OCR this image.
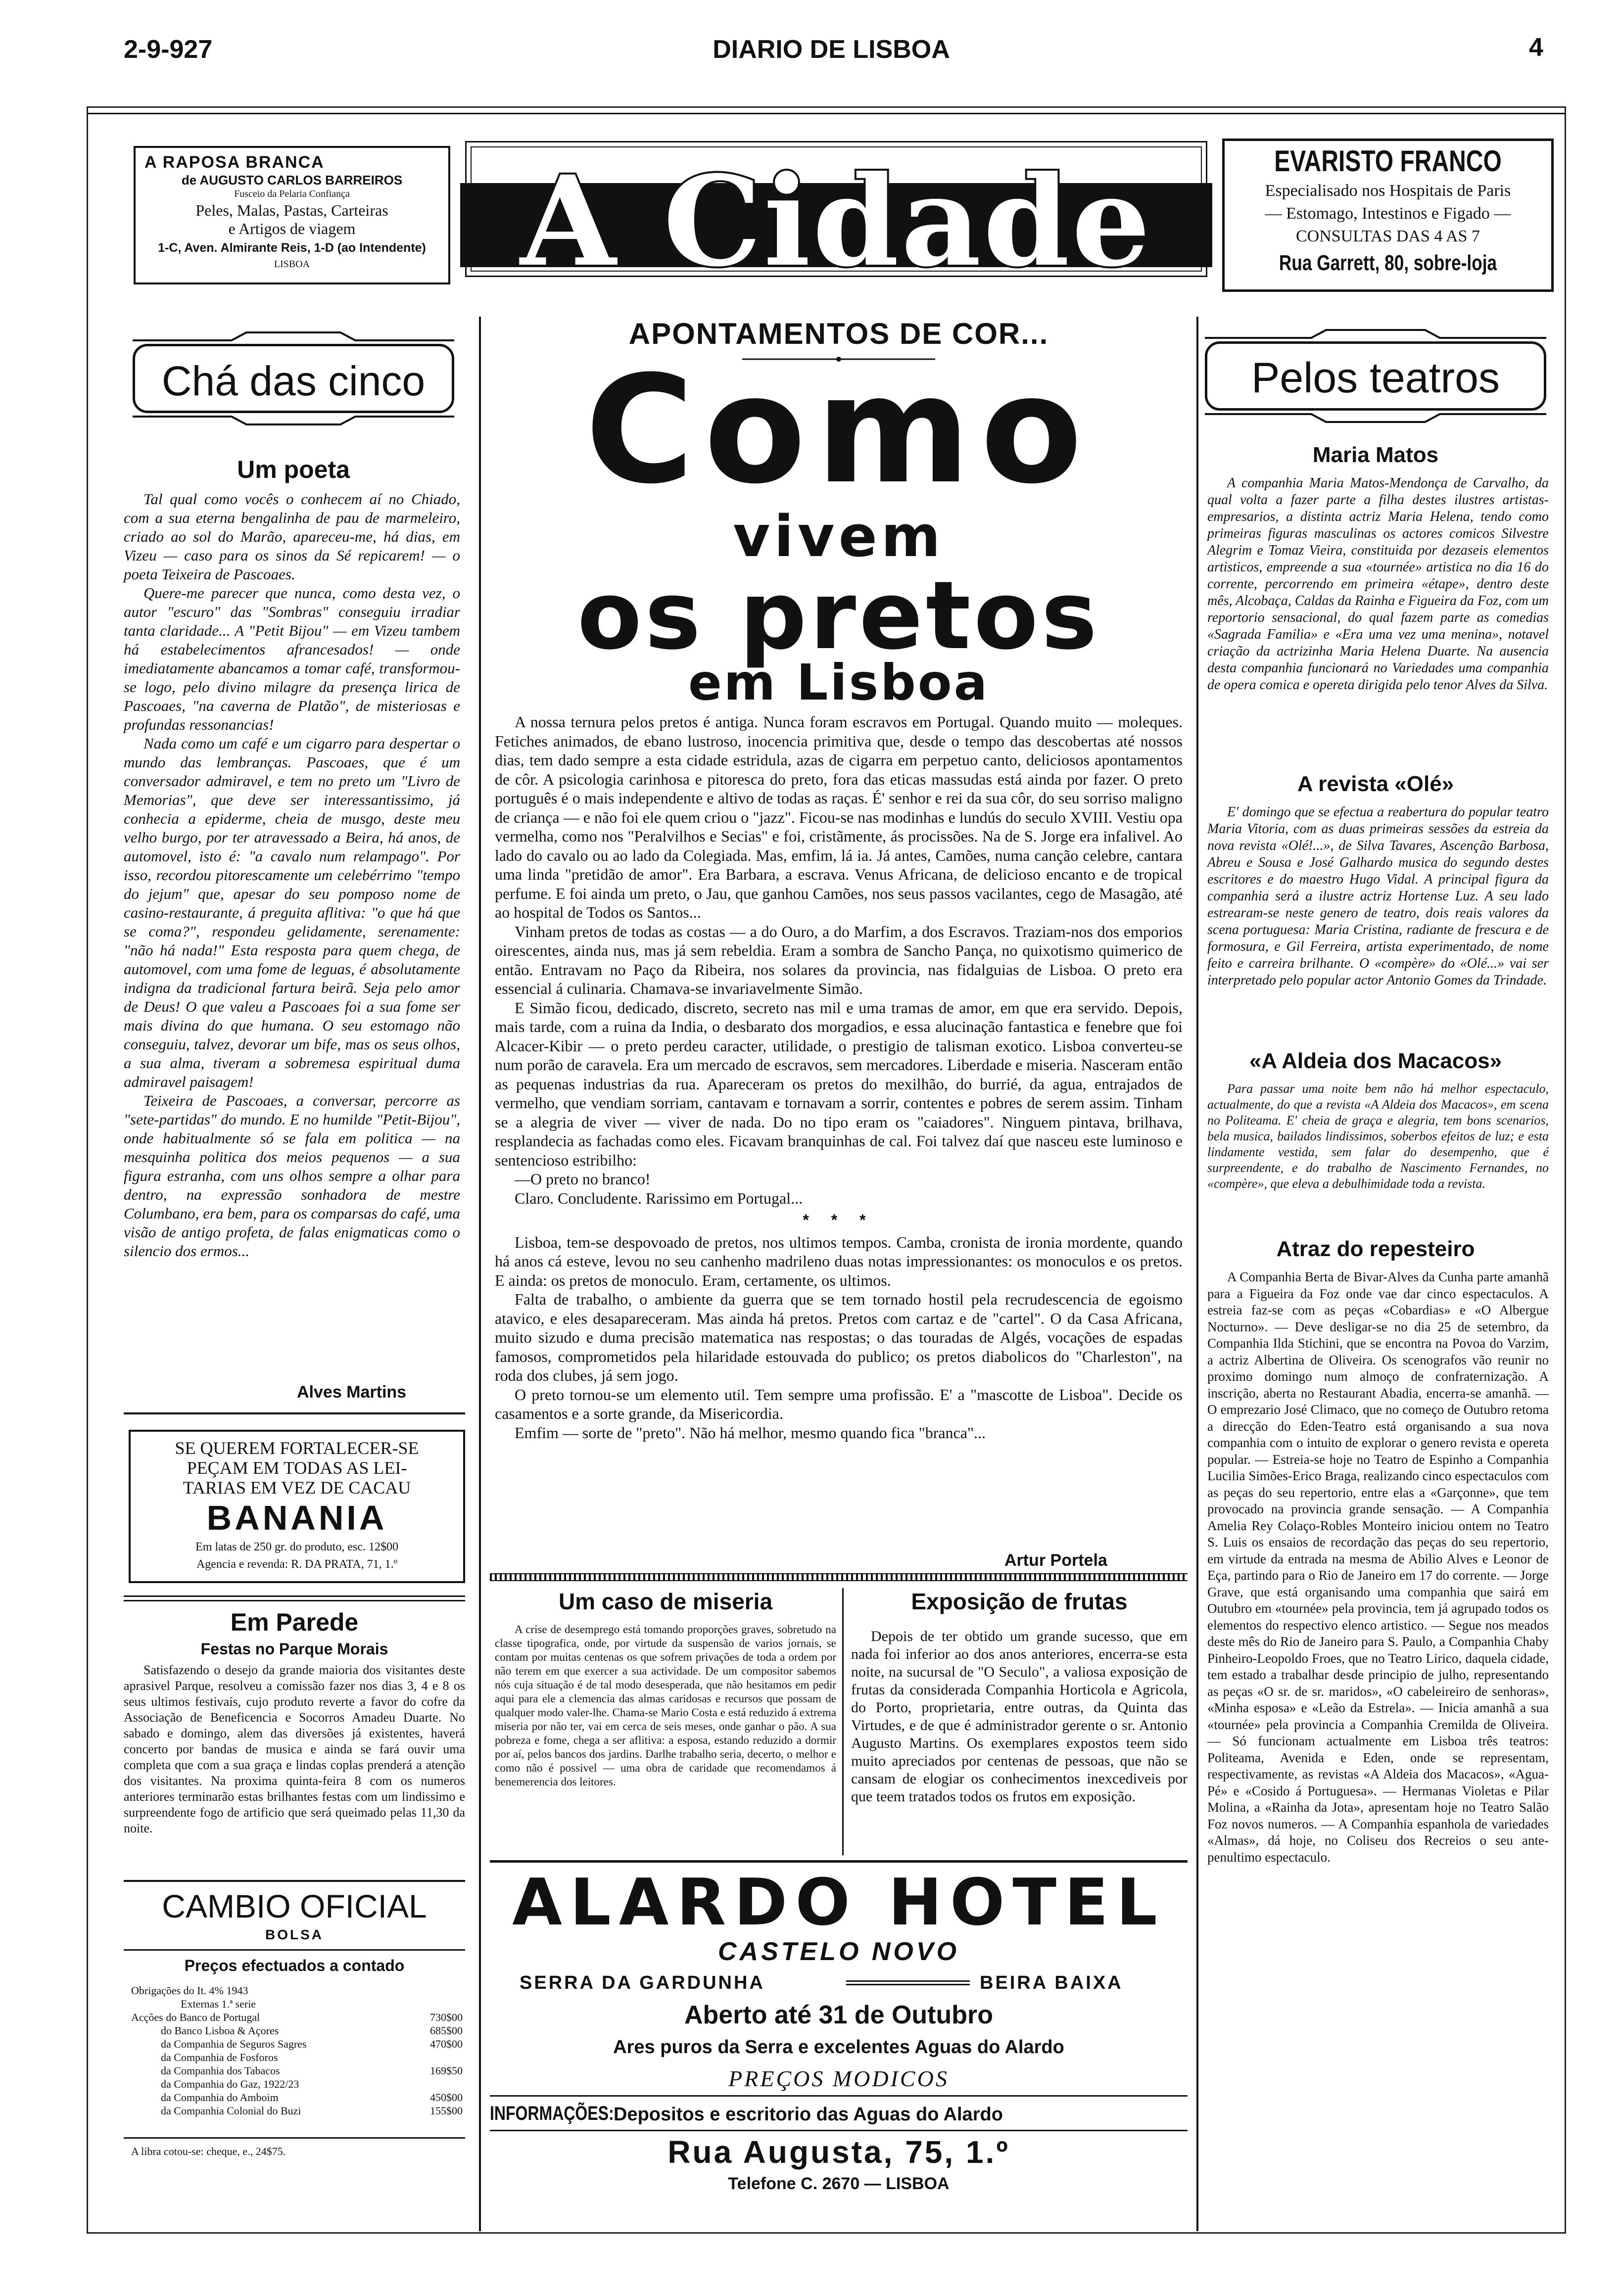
2-9-927	DIARIO DE LISBOA	4
A RAPOSA BRANCA
de AUGUSTO CARLOS BARREIROS
Fusceio da Pelaria Confiança
Peles, Malas, Pastas, Carteiras
e Artigos de viagem
1-C, Aven. Almirante Reis, 1-D (ao Intendente)
LISBOA	A Cidade	EVARISTO FRANCO
Especialisado nos Hospitais de Paris
— Estomago, Intestinos e Figado —
CONSULTAS DAS 4 AS 7
Rua Garrett, 80, sobre-loja
Chá das cinco
Um poeta

Tal qual como vocês o conhecem aí no Chiado, com a sua eterna bengalinha de pau de marmeleiro, criado ao sol do Marão, apareceu-me, há dias, em Vizeu — caso para os sinos da Sé repicarem! — o poeta Teixeira de Pascoaes.

Quere-me parecer que nunca, como desta vez, o autor "escuro" das "Sombras" conseguiu irradiar tanta claridade... A "Petit Bijou" — em Vizeu tambem há estabelecimentos afrancesados! — onde imediatamente abancamos a tomar café, transformou-se logo, pelo divino milagre da presença lirica de Pascoaes, "na caverna de Platão", de misteriosas e profundas ressonancias!

Nada como um café e um cigarro para despertar o mundo das lembranças. Pascoaes, que é um conversador admiravel, e tem no preto um "Livro de Memorias", que deve ser interessantissimo, já conhecia a epiderme, cheia de musgo, deste meu velho burgo, por ter atravessado a Beira, há anos, de automovel, isto é: "a cavalo num relampago". Por isso, recordou pitorescamente um celebérrimo "tempo do jejum" que, apesar do seu pomposo nome de casino-restaurante, á preguita aflitiva: "o que há que se coma?", respondeu gelidamente, serenamente: "não há nada!" Esta resposta para quem chega, de automovel, com uma fome de leguas, é absolutamente indigna da tradicional fartura beirã. Seja pelo amor de Deus! O que valeu a Pascoaes foi a sua fome ser mais divina do que humana. O seu estomago não conseguiu, talvez, devorar um bife, mas os seus olhos, a sua alma, tiveram a sobremesa espiritual duma admiravel paisagem!

Teixeira de Pascoaes, a conversar, percorre as "sete-partidas" do mundo. E no humilde "Petit-Bijou", onde habitualmente só se fala em politica — na mesquinha politica dos meios pequenos — a sua figura estranha, com uns olhos sempre a olhar para dentro, na expressão sonhadora de mestre Columbano, era bem, para os comparsas do café, uma visão de antigo profeta, de falas enigmaticas como o silencio dos ermos...

Alves Martins
SE QUEREM FORTALECER-SE
PEÇAM EM TODAS AS LEI-
TARIAS EM VEZ DE CACAU
BANANIA
Em latas de 250 gr. do produto, esc. 12$00
Agencia e revenda: R. DA PRATA, 71, 1.º
Em Parede
Festas no Parque Morais

Satisfazendo o desejo da grande maioria dos visitantes deste aprasivel Parque, resolveu a comissão fazer nos dias 3, 4 e 8 os seus ultimos festivais, cujo produto reverte a favor do cofre da Associação de Beneficencia e Socorros Amadeu Duarte. No sabado e domingo, alem das diversões já existentes, haverá concerto por bandas de musica e ainda se fará ouvir uma completa que com a sua graça e lindas coplas prenderá a atenção dos visitantes. Na proxima quinta-feira 8 com os numeros anteriores terminarão estas brilhantes festas com um lindissimo e surpreendente fogo de artificio que será queimado pelas 11,30 da noite.

CAMBIO OFICIAL
BOLSA
Preços efectuados a contado
Obrigações do It. 4% 1943
Externas 1.ª serie
Acções do Banco de Portugal	730$00
do Banco Lisboa & Açores	685$00
da Companhia de Seguros Sagres	470$00
da Companhia de Fosforos
da Companhia dos Tabacos	169$50
da Companhia do Gaz, 1922/23
da Companhia do Amboim	450$00
da Companhia Colonial do Buzi	155$00
A libra cotou-se: cheque, e., 24$75.
APONTAMENTOS DE COR...
Como
vivem
os pretos
em Lisboa

A nossa ternura pelos pretos é antiga. Nunca foram escravos em Portugal. Quando muito — moleques. Fetiches animados, de ebano lustroso, inocencia primitiva que, desde o tempo das descobertas até nossos dias, tem dado sempre a esta cidade estridula, azas de cigarra em perpetuo canto, deliciosos apontamentos de côr. A psicologia carinhosa e pitoresca do preto, fora das eticas massudas está ainda por fazer. O preto português é o mais independente e altivo de todas as raças. É' senhor e rei da sua côr, do seu sorriso maligno de criança — e não foi ele quem criou o "jazz". Ficou-se nas modinhas e lundús do seculo XVIII. Vestiu opa vermelha, como nos "Peralvilhos e Secias" e foi, cristãmente, ás procissões. Na de S. Jorge era infalivel. Ao lado do cavalo ou ao lado da Colegiada. Mas, emfim, lá ia. Já antes, Camões, numa canção celebre, cantara uma linda "pretidão de amor". Era Barbara, a escrava. Venus Africana, de delicioso encanto e de tropical perfume. E foi ainda um preto, o Jau, que ganhou Camões, nos seus passos vacilantes, cego de Masagão, até ao hospital de Todos os Santos...

Vinham pretos de todas as costas — a do Ouro, a do Marfim, a dos Escravos. Traziam-nos dos emporios oirescentes, ainda nus, mas já sem rebeldia. Eram a sombra de Sancho Pança, no quixotismo quimerico de então. Entravam no Paço da Ribeira, nos solares da provincia, nas fidalguias de Lisboa. O preto era essencial á culinaria. Chamava-se invariavelmente Simão.

E Simão ficou, dedicado, discreto, secreto nas mil e uma tramas de amor, em que era servido. Depois, mais tarde, com a ruina da India, o desbarato dos morgadios, e essa alucinação fantastica e fenebre que foi Alcacer-Kibir — o preto perdeu caracter, utilidade, o prestigio de talisman exotico. Lisboa converteu-se num porão de caravela. Era um mercado de escravos, sem mercadores. Liberdade e miseria. Nasceram então as pequenas industrias da rua. Apareceram os pretos do mexilhão, do burrié, da agua, entrajados de vermelho, que vendiam sorriam, cantavam e tornavam a sorrir, contentes e pobres de serem assim. Tinham se a alegria de viver — viver de nada. Do no tipo eram os "caiadores". Ninguem pintava, brilhava, resplandecia as fachadas como eles. Ficavam branquinhas de cal. Foi talvez daí que nasceu este luminoso e sentencioso estribilho:

—O preto no branco!

Claro. Concludente. Rarissimo em Portugal...

* * *

Lisboa, tem-se despovoado de pretos, nos ultimos tempos. Camba, cronista de ironia mordente, quando há anos cá esteve, levou no seu canhenho madrileno duas notas impressionantes: os monoculos e os pretos. E ainda: os pretos de monoculo. Eram, certamente, os ultimos.

Falta de trabalho, o ambiente da guerra que se tem tornado hostil pela recrudescencia de egoismo atavico, e eles desapareceram. Mas ainda há pretos. Pretos com cartaz e de "cartel". O da Casa Africana, muito sizudo e duma precisão matematica nas respostas; o das touradas de Algés, vocações de espadas famosos, comprometidos pela hilaridade estouvada do publico; os pretos diabolicos do "Charleston", na roda dos clubes, já sem jogo.

O preto tornou-se um elemento util. Tem sempre uma profissão. E' a "mascotte de Lisboa". Decide os casamentos e a sorte grande, da Misericordia.

Emfim — sorte de "preto". Não há melhor, mesmo quando fica "branca"...

Artur Portela
Um caso de miseria

A crise de desemprego está tomando proporções graves, sobretudo na classe tipografica, onde, por virtude da suspensão de varios jornais, se contam por muitas centenas os que sofrem privações de toda a ordem por não terem em que exercer a sua actividade. De um compositor sabemos nós cuja situação é de tal modo desesperada, que não hesitamos em pedir aqui para ele a clemencia das almas caridosas e recursos que possam de qualquer modo valer-lhe. Chama-se Mario Costa e está reduzido á extrema miseria por não ter, vai em cerca de seis meses, onde ganhar o pão. A sua pobreza e fome, chega a ser aflitiva: a esposa, estando reduzido a dormir por aí, pelos bancos dos jardins. Darlhe trabalho seria, decerto, o melhor e como não é possivel — uma obra de caridade que recomendamos á benemerencia dos leitores.

Exposição de frutas

Depois de ter obtido um grande sucesso, que em nada foi inferior ao dos anos anteriores, encerra-se esta noite, na sucursal de "O Seculo", a valiosa exposição de frutas da considerada Companhia Horticola e Agricola, do Porto, proprietaria, entre outras, da Quinta das Virtudes, e de que é administrador gerente o sr. Antonio Augusto Martins. Os exemplares expostos teem sido muito apreciados por centenas de pessoas, que não se cansam de elogiar os conhecimentos inexcediveis por que teem tratados todos os frutos em exposição.

ALARDO HOTEL
CASTELO NOVO
SERRA DA GARDUNHA	BEIRA BAIXA
Aberto até 31 de Outubro
Ares puros da Serra e excelentes Aguas do Alardo
PREÇOS MODICOS
INFORMAÇÕES: Depositos e escritorio das Aguas do Alardo
Rua Augusta, 75, 1.º
Telefone C. 2670 — LISBOA
Pelos teatros
Maria Matos

A companhia Maria Matos-Mendonça de Carvalho, da qual volta a fazer parte a filha destes ilustres artistas-empresarios, a distinta actriz Maria Helena, tendo como primeiras figuras masculinas os actores comicos Silvestre Alegrim e Tomaz Vieira, constituida por dezaseis elementos artisticos, empreende a sua «tournée» artistica no dia 16 do corrente, percorrendo em primeira «étape», dentro deste mês, Alcobaça, Caldas da Rainha e Figueira da Foz, com um reportorio sensacional, do qual fazem parte as comedias «Sagrada Familia» e «Era uma vez uma menina», notavel criação da actrizinha Maria Helena Duarte. Na ausencia desta companhia funcionará no Variedades uma companhia de opera comica e opereta dirigida pelo tenor Alves da Silva.

A revista «Olé»

E' domingo que se efectua a reabertura do popular teatro Maria Vitoria, com as duas primeiras sessões da estreia da nova revista «Olé!...», de Silva Tavares, Ascenção Barbosa, Abreu e Sousa e José Galhardo musica do segundo destes escritores e do maestro Hugo Vidal. A principal figura da companhia será a ilustre actriz Hortense Luz. A seu lado estrearam-se neste genero de teatro, dois reais valores da scena portuguesa: Maria Cristina, radiante de frescura e de formosura, e Gil Ferreira, artista experimentado, de nome feito e carreira brilhante. O «compère» do «Olé...» vai ser interpretado pelo popular actor Antonio Gomes da Trindade.

«A Aldeia dos Macacos»

Para passar uma noite bem não há melhor espectaculo, actualmente, do que a revista «A Aldeia dos Macacos», em scena no Politeama. E' cheia de graça e alegria, tem bons scenarios, bela musica, bailados lindissimos, soberbos efeitos de luz; e esta lindamente vestida, sem falar do desempenho, que é surpreendente, e do trabalho de Nascimento Fernandes, no «compère», que eleva a debulhimidade toda a revista.

Atraz do repesteiro

A Companhia Berta de Bivar-Alves da Cunha parte amanhã para a Figueira da Foz onde vae dar cinco espectaculos. A estreia faz-se com as peças «Cobardias» e «O Albergue Nocturno». — Deve desligar-se no dia 25 de setembro, da Companhia Ilda Stichini, que se encontra na Povoa do Varzim, a actriz Albertina de Oliveira. Os scenografos vão reunir no proximo domingo num almoço de confraternização. A inscrição, aberta no Restaurant Abadia, encerra-se amanhã. — O emprezario José Climaco, que no começo de Outubro retoma a direcção do Eden-Teatro está organisando a sua nova companhia com o intuito de explorar o genero revista e opereta popular. — Estreia-se hoje no Teatro de Espinho a Companhia Lucilia Simões-Erico Braga, realizando cinco espectaculos com as peças do seu repertorio, entre elas a «Garçonne», que tem provocado na provincia grande sensação. — A Companhia Amelia Rey Colaço-Robles Monteiro iniciou ontem no Teatro S. Luis os ensaios de recordação das peças do seu repertorio, em virtude da entrada na mesma de Abilio Alves e Leonor de Eça, partindo para o Rio de Janeiro em 17 do corrente. — Jorge Grave, que está organisando uma companhia que sairá em Outubro em «tournée» pela provincia, tem já agrupado todos os elementos do respectivo elenco artistico. — Segue nos meados deste mês do Rio de Janeiro para S. Paulo, a Companhia Chaby Pinheiro-Leopoldo Froes, que no Teatro Lirico, daquela cidade, tem estado a trabalhar desde principio de julho, representando as peças «O sr. de sr. maridos», «O cabeleireiro de senhoras», «Minha esposa» e «Leão da Estrela». — Inicia amanhã a sua «tournée» pela provincia a Companhia Cremilda de Oliveira. — Só funcionam actualmente em Lisboa três teatros: Politeama, Avenida e Eden, onde se representam, respectivamente, as revistas «A Aldeia dos Macacos», «Agua-Pé» e «Cosido á Portuguesa». — Hermanas Violetas e Pilar Molina, a «Rainha da Jota», apresentam hoje no Teatro Salão Foz novos numeros. — A Companhia espanhola de variedades «Almas», dá hoje, no Coliseu dos Recreios o seu ante-penultimo espectaculo.
